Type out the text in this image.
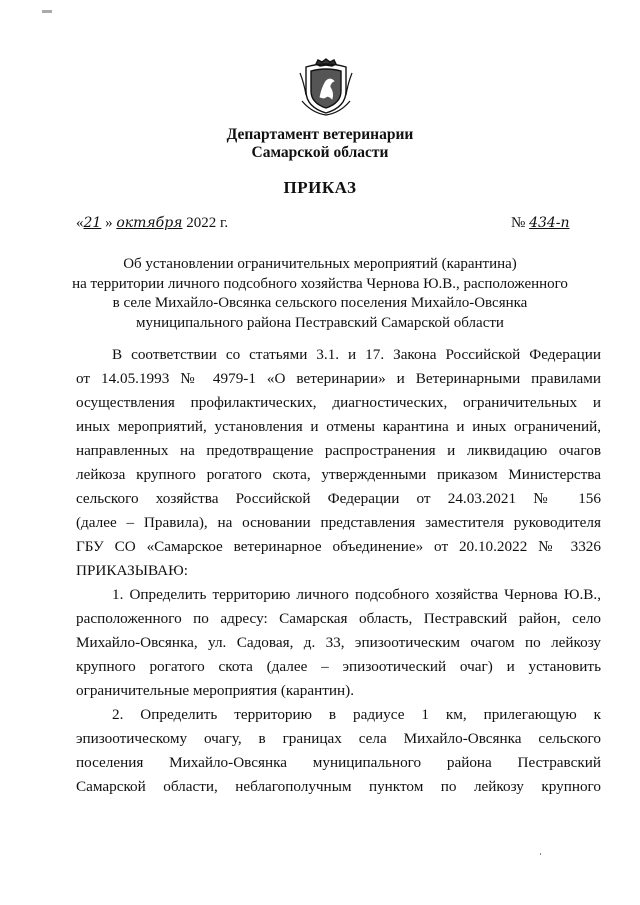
Департамент ветеринарии
Самарской области
ПРИКАЗ
«21 » октября 2022 г.	№ 434-п
Об установлении ограничительных мероприятий (карантина)
на территории личного подсобного хозяйства Чернова Ю.В., расположенного
в селе Михайло-Овсянка сельского поселения Михайло-Овсянка
муниципального района Пестравский Самарской области
В соответствии со статьями 3.1. и 17. Закона Российской Федерации
от 14.05.1993 № 4979-1 «О ветеринарии» и Ветеринарными правилами
осуществления профилактических, диагностических, ограничительных и
иных мероприятий, установления и отмены карантина и иных ограничений,
направленных на предотвращение распространения и ликвидацию очагов
лейкоза крупного рогатого скота, утвержденными приказом Министерства
сельского хозяйства Российской Федерации от 24.03.2021 № 156
(далее – Правила), на основании представления заместителя руководителя
ГБУ СО «Самарское ветеринарное объединение» от 20.10.2022 № 3326
ПРИКАЗЫВАЮ:
1. Определить территорию личного подсобного хозяйства Чернова Ю.В.,
расположенного по адресу: Самарская область, Пестравский район, село
Михайло-Овсянка, ул. Садовая, д. 33, эпизоотическим очагом по лейкозу
крупного рогатого скота (далее – эпизоотический очаг) и установить
ограничительные мероприятия (карантин).
2. Определить территорию в радиусе 1 км, прилегающую к
эпизоотическому очагу, в границах села Михайло-Овсянка сельского
поселения Михайло-Овсянка муниципального района Пестравский
Самарской области, неблагополучным пунктом по лейкозу крупного
